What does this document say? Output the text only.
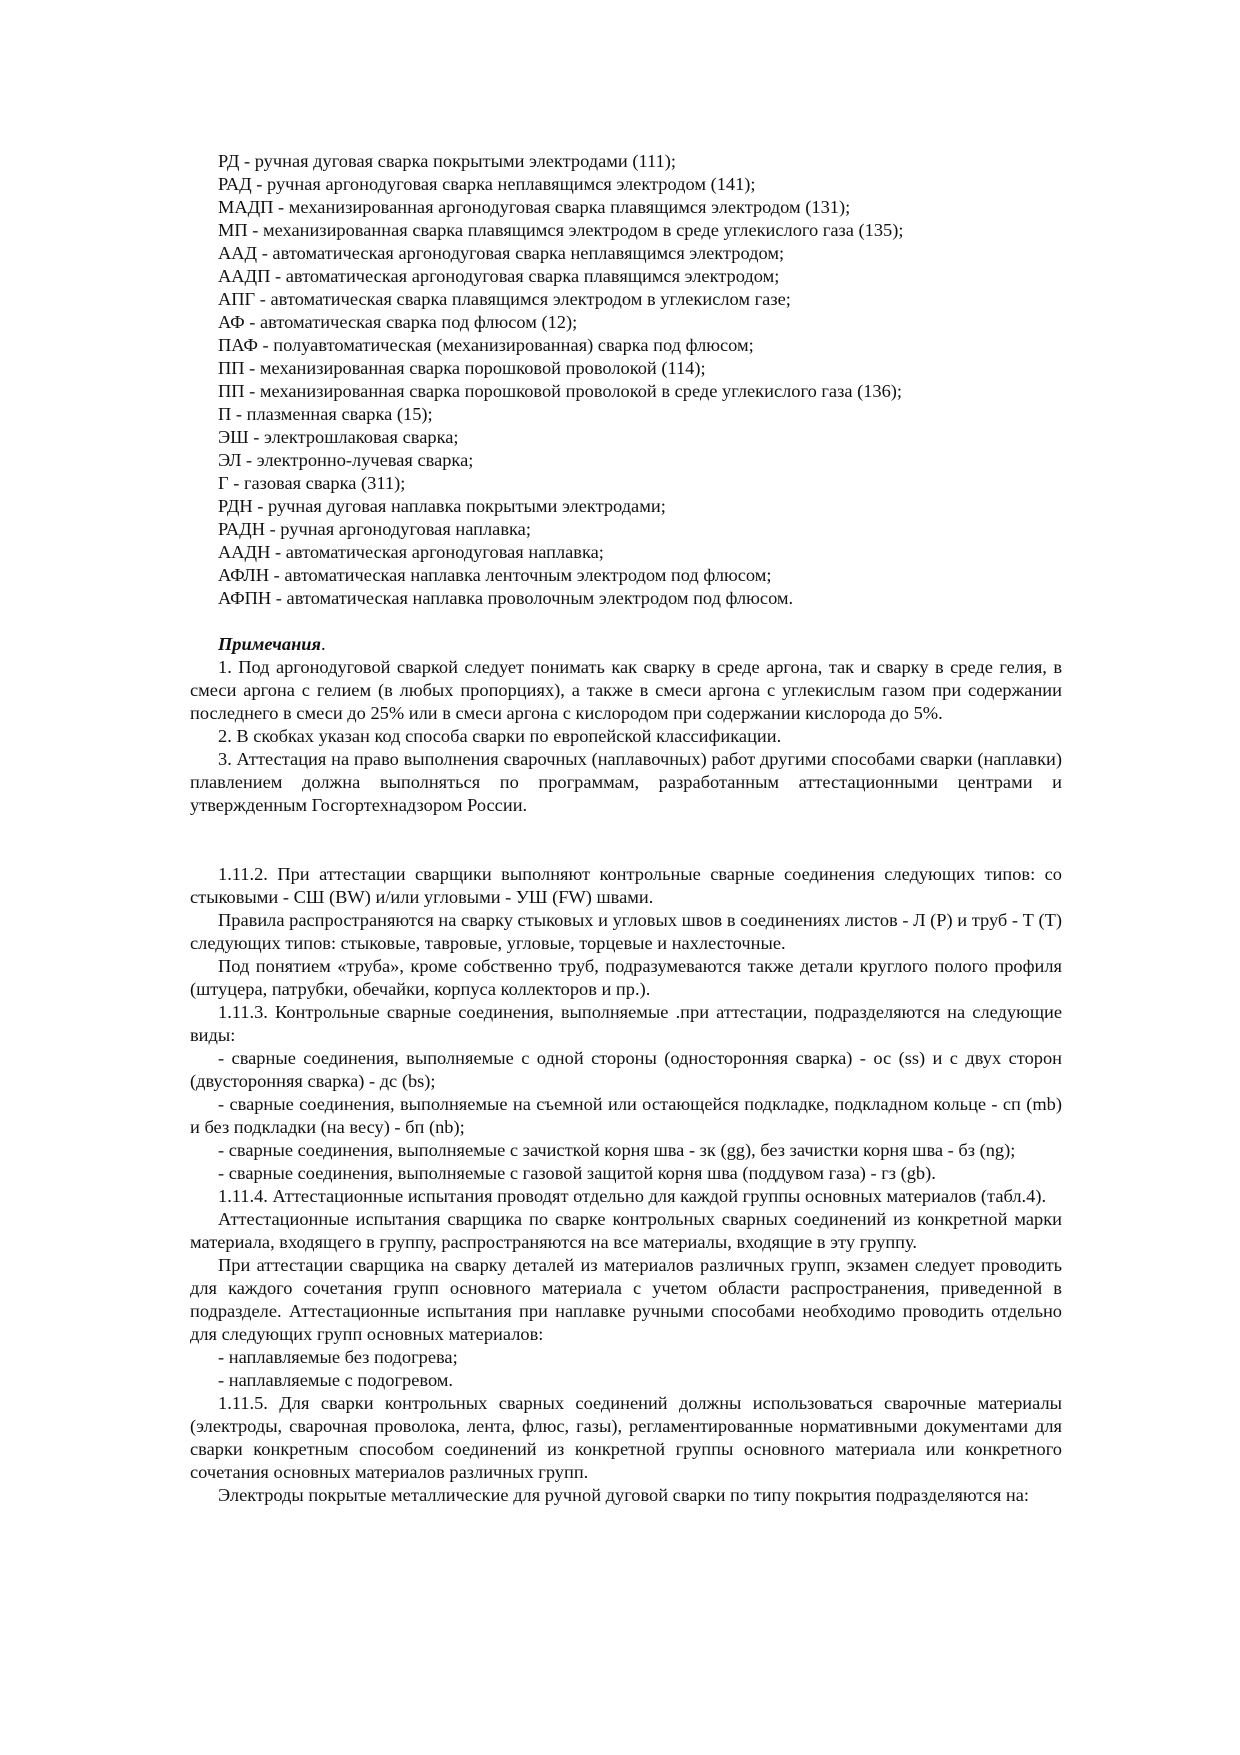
РД - ручная дуговая сварка покрытыми электродами (111);

РАД - ручная аргонодуговая сварка неплавящимся электродом (141);

МАДП - механизированная аргонодуговая сварка плавящимся электродом (131);

МП - механизированная сварка плавящимся электродом в среде углекислого газа (135);

ААД - автоматическая аргонодуговая сварка неплавящимся электродом;

ААДП - автоматическая аргонодуговая сварка плавящимся электродом;

АПГ - автоматическая сварка плавящимся электродом в углекислом газе;

АФ - автоматическая сварка под флюсом (12);

ПАФ - полуавтоматическая (механизированная) сварка под флюсом;

ПП - механизированная сварка порошковой проволокой (114);

ПП - механизированная сварка порошковой проволокой в среде углекислого газа (136);

П - плазменная сварка (15);

ЭШ - электрошлаковая сварка;

ЭЛ - электронно-лучевая сварка;

Г - газовая сварка (311);

РДН - ручная дуговая наплавка покрытыми электродами;

РАДН - ручная аргонодуговая наплавка;

ААДН - автоматическая аргонодуговая наплавка;

АФЛН - автоматическая наплавка ленточным электродом под флюсом;

АФПН - автоматическая наплавка проволочным электродом под флюсом.

Примечания.

1. Под аргонодуговой сваркой следует понимать как сварку в среде аргона, так и сварку в среде гелия, в смеси аргона с гелием (в любых пропорциях), а также в смеси аргона с углекислым газом при содержании последнего в смеси до 25% или в смеси аргона с кислородом при содержании кислорода до 5%.

2. В скобках указан код способа сварки по европейской классификации.

3. Аттестация на право выполнения сварочных (наплавочных) работ другими способами сварки (наплавки) плавлением должна выполняться по программам, разработанным аттестационными центрами и утвержденным Госгортехнадзором России.

1.11.2. При аттестации сварщики выполняют контрольные сварные соединения следующих типов: со стыковыми - СШ (BW) и/или угловыми - УШ (FW) швами.

Правила распространяются на сварку стыковых и угловых швов в соединениях листов - Л (Р) и труб - Т (Т) следующих типов: стыковые, тавровые, угловые, торцевые и нахлесточные.

Под понятием «труба», кроме собственно труб, подразумеваются также детали круглого полого профиля (штуцера, патрубки, обечайки, корпуса коллекторов и пр.).

1.11.3. Контрольные сварные соединения, выполняемые .при аттестации, подразделяются на следующие виды:

- сварные соединения, выполняемые с одной стороны (односторонняя сварка) - ос (ss) и с двух сторон (двусторонняя сварка) - дс (bs);

- сварные соединения, выполняемые на съемной или остающейся подкладке, подкладном кольце - сп (mb) и без подкладки (на весу) - бп (nb);

- сварные соединения, выполняемые с зачисткой корня шва - зк (gg), без зачистки корня шва - бз (ng);

- сварные соединения, выполняемые с газовой защитой корня шва (поддувом газа) - гз (gb).

1.11.4. Аттестационные испытания проводят отдельно для каждой группы основных материалов (табл.4).

Аттестационные испытания сварщика по сварке контрольных сварных соединений из конкретной марки материала, входящего в группу, распространяются на все материалы, входящие в эту группу.

При аттестации сварщика на сварку деталей из материалов различных групп, экзамен следует проводить для каждого сочетания групп основного материала с учетом области распространения, приведенной в подразделе. Аттестационные испытания при наплавке ручными способами необходимо проводить отдельно для следующих групп основных материалов:

- наплавляемые без подогрева;

- наплавляемые с подогревом.

1.11.5. Для сварки контрольных сварных соединений должны использоваться сварочные материалы (электроды, сварочная проволока, лента, флюс, газы), регламентированные нормативными документами для сварки конкретным способом соединений из конкретной группы основного материала или конкретного сочетания основных материалов различных групп.

Электроды покрытые металлические для ручной дуговой сварки по типу покрытия подразделяются на:
